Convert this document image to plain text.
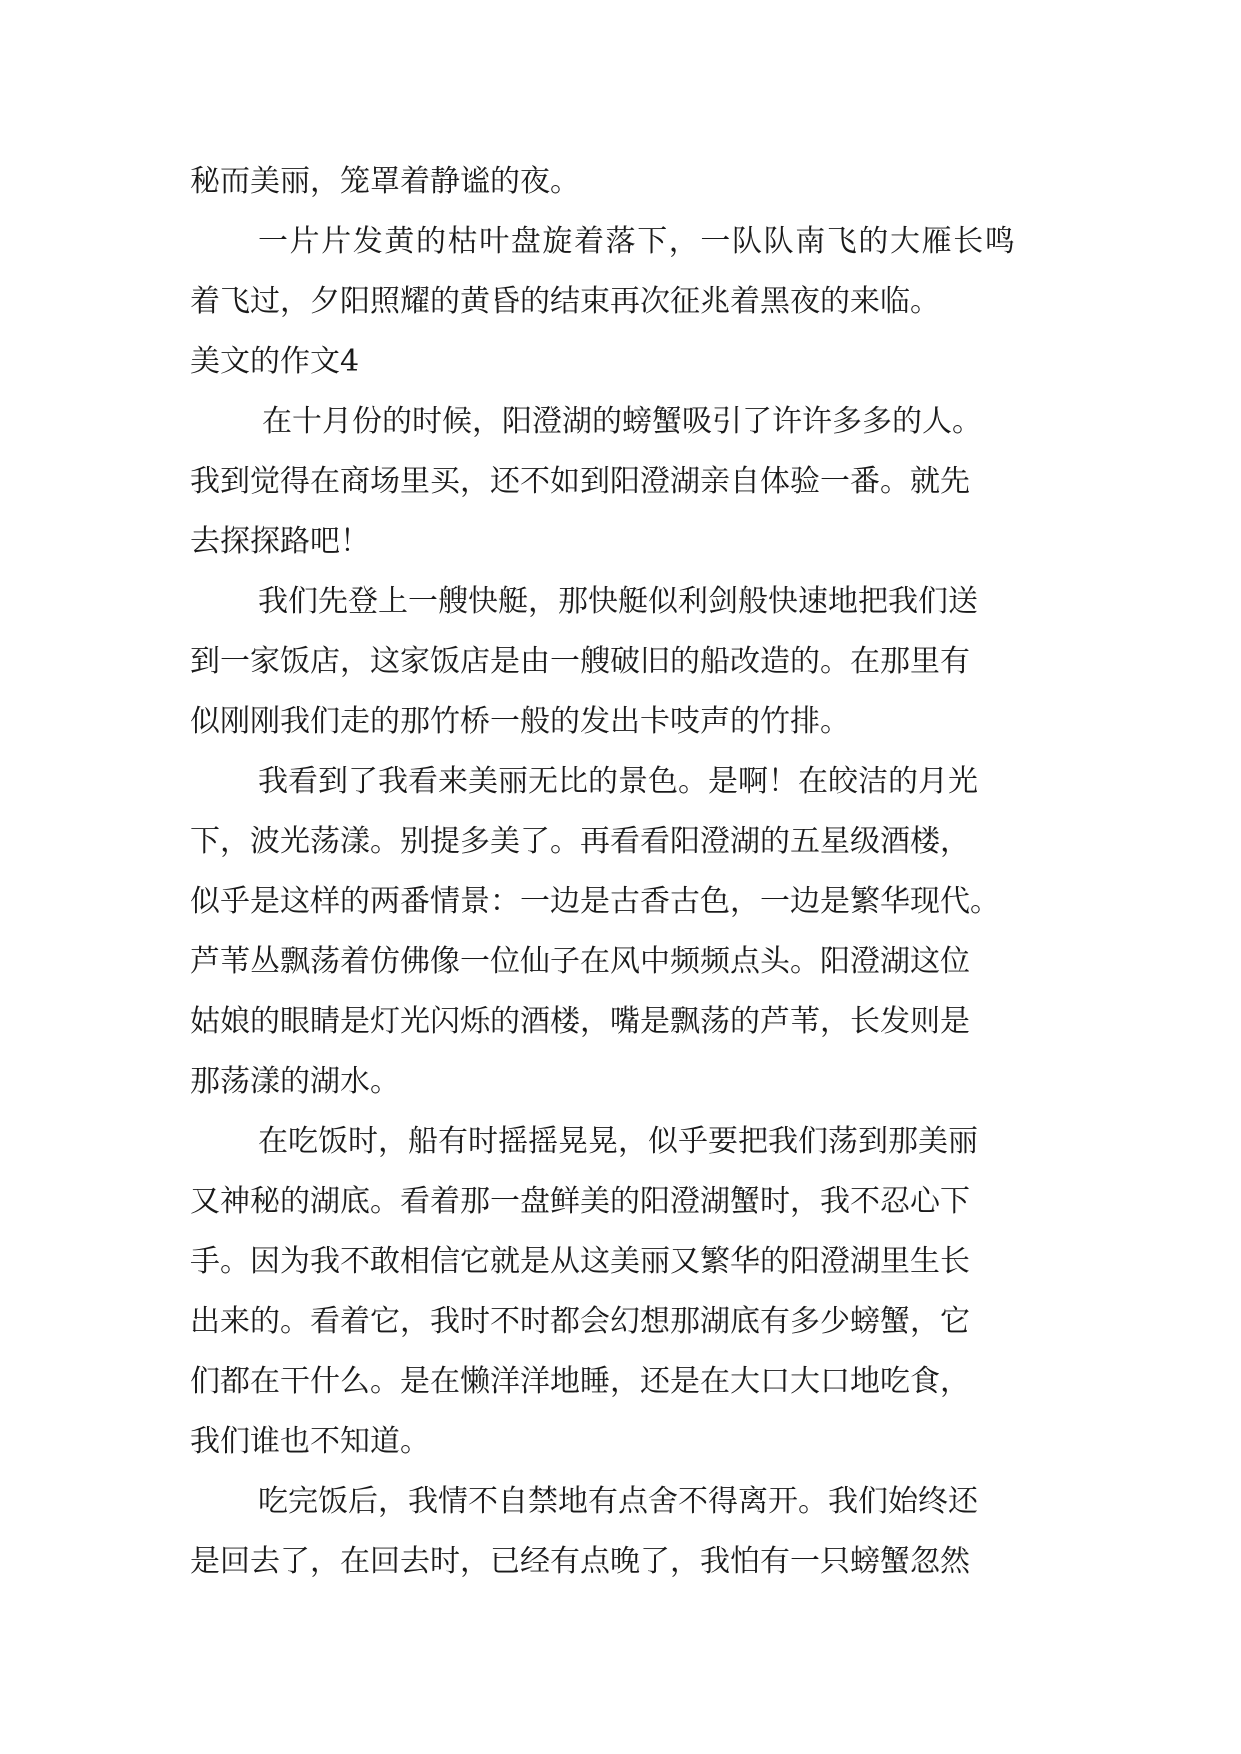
秘而美丽，笼罩着静谧的夜。
一片片发黄的枯叶盘旋着落下，一队队南飞的大雁长鸣
着飞过，夕阳照耀的黄昏的结束再次征兆着黑夜的来临。
美文的作文4
在十月份的时候，阳澄湖的螃蟹吸引了许许多多的人。
我到觉得在商场里买，还不如到阳澄湖亲自体验一番。就先
去探探路吧！
我们先登上一艘快艇，那快艇似利剑般快速地把我们送
到一家饭店，这家饭店是由一艘破旧的船改造的。在那里有
似刚刚我们走的那竹桥一般的发出卡吱声的竹排。
我看到了我看来美丽无比的景色。是啊！在皎洁的月光
下，波光荡漾。别提多美了。再看看阳澄湖的五星级酒楼，
似乎是这样的两番情景：一边是古香古色，一边是繁华现代。
芦苇丛飘荡着仿佛像一位仙子在风中频频点头。阳澄湖这位
姑娘的眼睛是灯光闪烁的酒楼，嘴是飘荡的芦苇，长发则是
那荡漾的湖水。
在吃饭时，船有时摇摇晃晃，似乎要把我们荡到那美丽
又神秘的湖底。看着那一盘鲜美的阳澄湖蟹时，我不忍心下
手。因为我不敢相信它就是从这美丽又繁华的阳澄湖里生长
出来的。看着它，我时不时都会幻想那湖底有多少螃蟹，它
们都在干什么。是在懒洋洋地睡，还是在大口大口地吃食，
我们谁也不知道。
吃完饭后，我情不自禁地有点舍不得离开。我们始终还
是回去了，在回去时，已经有点晚了，我怕有一只螃蟹忽然
